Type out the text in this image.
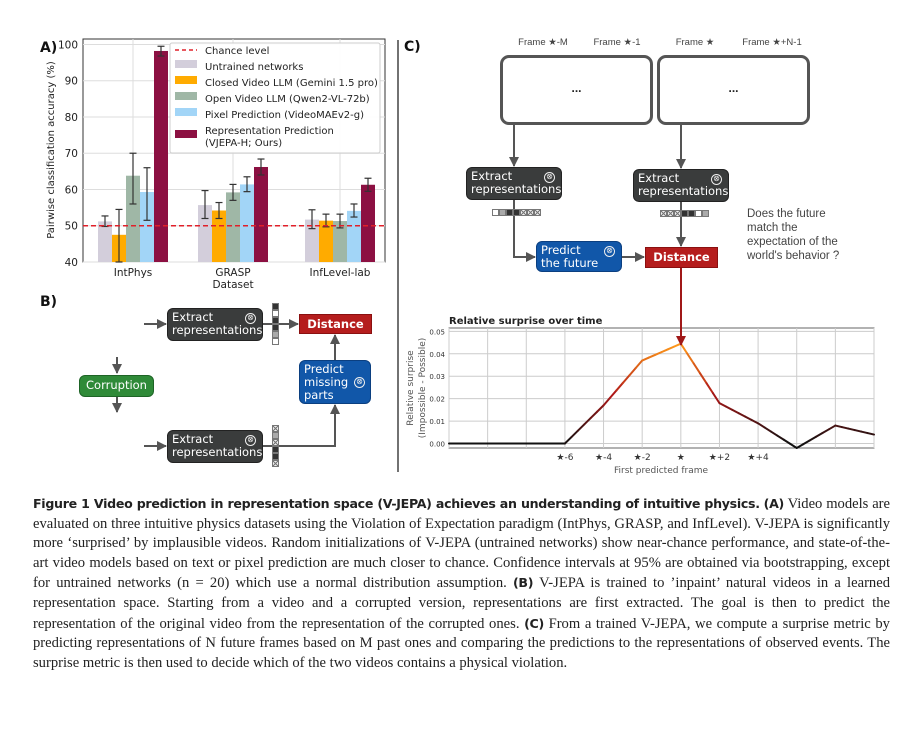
40
50
60
70
80
90
100
IntPhys	GRASP	InfLevel-lab
Dataset
Pairwise classification accuracy (%)
Chance level
Untrained networks
Closed Video LLM (Gemini 1.5 pro)
Open Video LLM (Qwen2-VL-72b)
Pixel Prediction (VideoMAEv2-g)
Representation Prediction
(VJEPA-H; Ours)
0.00
0.01
0.02
0.03
0.04
0.05
★-6 ★-4 ★-2	★	★+2 ★+4
Relative surprise over time
First predicted frame
Relative surprise (Impossible - Possible)
A)
B)
C)
Extract representations
⊗
Extract representations
⊗
Corruption
Distance
Predict missing parts
⊗
Frame ★-M	Frame ★-1	Frame ★	Frame ★+N-1
...	...
Extract representations
⊗	Extract representations
⊗
Predict the future
⊗	Distance
Does the future match the expectation of the world's behavior ?
Figure 1 Video prediction in representation space (V-JEPA) achieves an understanding of intuitive physics. (A) Video models are evaluated on three intuitive physics datasets using the Violation of Expectation paradigm (IntPhys, GRASP, and InfLevel). V-JEPA is significantly more ‘surprised’ by implausible videos. Random initializations of V-JEPA (untrained networks) show near-chance performance, and state-of-the-art video models based on text or pixel prediction are much closer to chance. Confidence intervals at 95% are obtained via bootstrapping, except for untrained networks (n = 20) which use a normal distribution assumption. (B) V-JEPA is trained to ’inpaint’ natural videos in a learned representation space. Starting from a video and a corrupted version, representations are first extracted. The goal is then to predict the representation of the original video from the representation of the corrupted ones. (C) From a trained V-JEPA, we compute a surprise metric by predicting representations of N future frames based on M past ones and comparing the predictions to the representations of observed events. The surprise metric is then used to decide which of the two videos contains a physical violation.
